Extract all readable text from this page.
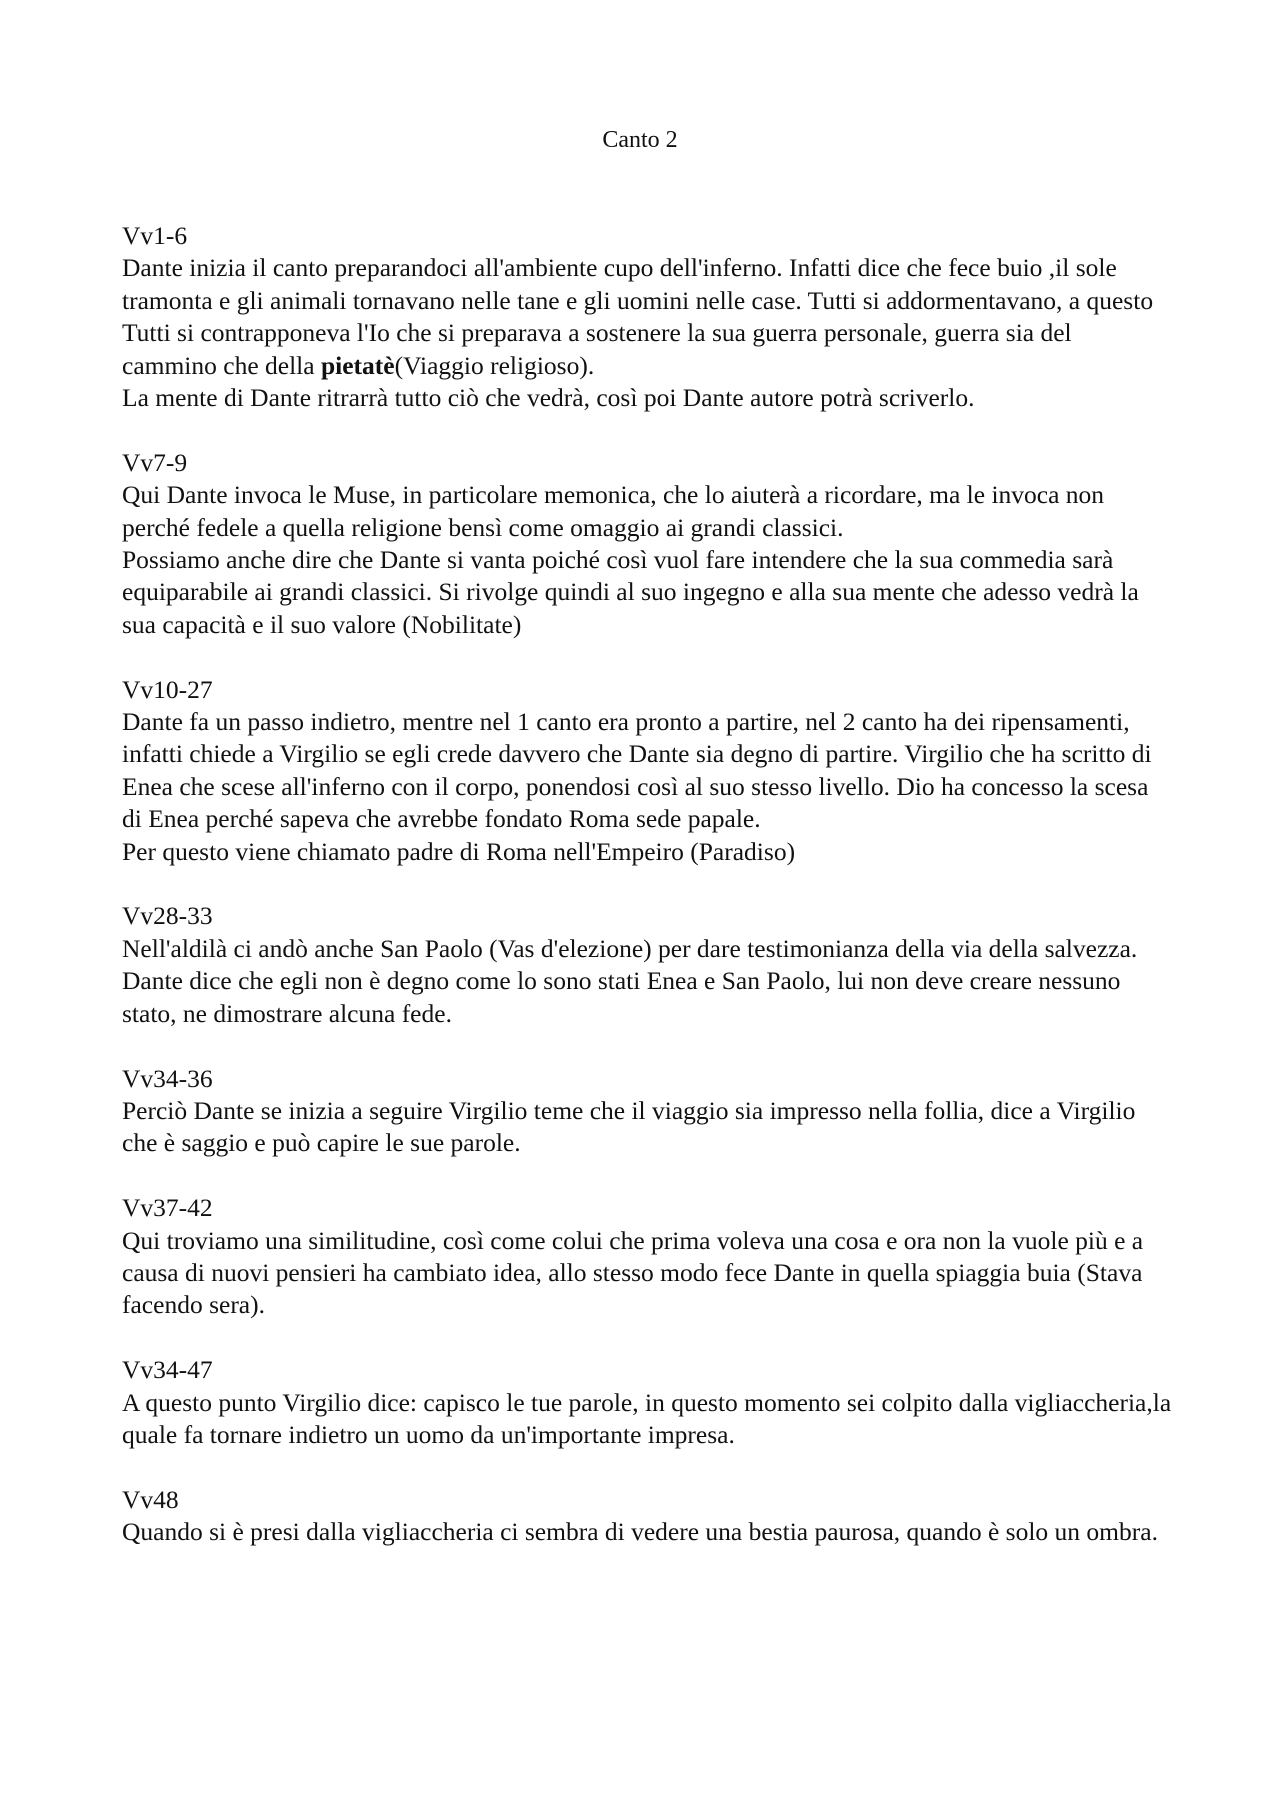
Canto 2

Vv1-6

Dante inizia il canto preparandoci all'ambiente cupo dell'inferno. Infatti dice che fece buio ,il sole tramonta e gli animali tornavano nelle tane e gli uomini nelle case. Tutti si addormentavano, a questo Tutti si contrapponeva l'Io che si preparava a sostenere la sua guerra personale, guerra sia del cammino che della pietatè(Viaggio religioso).

La mente di Dante ritrarrà tutto ciò che vedrà, così poi Dante autore potrà scriverlo.

Vv7-9

Qui Dante invoca le Muse, in particolare memonica, che lo aiuterà a ricordare, ma le invoca non perché fedele a quella religione bensì come omaggio ai grandi classici.

Possiamo anche dire che Dante si vanta poiché così vuol fare intendere che la sua commedia sarà equiparabile ai grandi classici. Si rivolge quindi al suo ingegno e alla sua mente che adesso vedrà la sua capacità e il suo valore (Nobilitate)

Vv10-27

Dante fa un passo indietro, mentre nel 1 canto era pronto a partire, nel 2 canto ha dei ripensamenti, infatti chiede a Virgilio se egli crede davvero che Dante sia degno di partire. Virgilio che ha scritto di Enea che scese all'inferno con il corpo, ponendosi così al suo stesso livello. Dio ha concesso la scesa di Enea perché sapeva che avrebbe fondato Roma sede papale.

Per questo viene chiamato padre di Roma nell'Empeiro (Paradiso)

Vv28-33

Nell'aldilà ci andò anche San Paolo (Vas d'elezione) per dare testimonianza della via della salvezza.

Dante dice che egli non è degno come lo sono stati Enea e San Paolo, lui non deve creare nessuno stato, ne dimostrare alcuna fede.

Vv34-36

Perciò Dante se inizia a seguire Virgilio teme che il viaggio sia impresso nella follia, dice a Virgilio che è saggio e può capire le sue parole.

Vv37-42

Qui troviamo una similitudine, così come colui che prima voleva una cosa e ora non la vuole più e a causa di nuovi pensieri ha cambiato idea, allo stesso modo fece Dante in quella spiaggia buia (Stava facendo sera).

Vv34-47

A questo punto Virgilio dice: capisco le tue parole, in questo momento sei colpito dalla vigliaccheria,la quale fa tornare indietro un uomo da un'importante impresa.

Vv48

Quando si è presi dalla vigliaccheria ci sembra di vedere una bestia paurosa, quando è solo un ombra.
